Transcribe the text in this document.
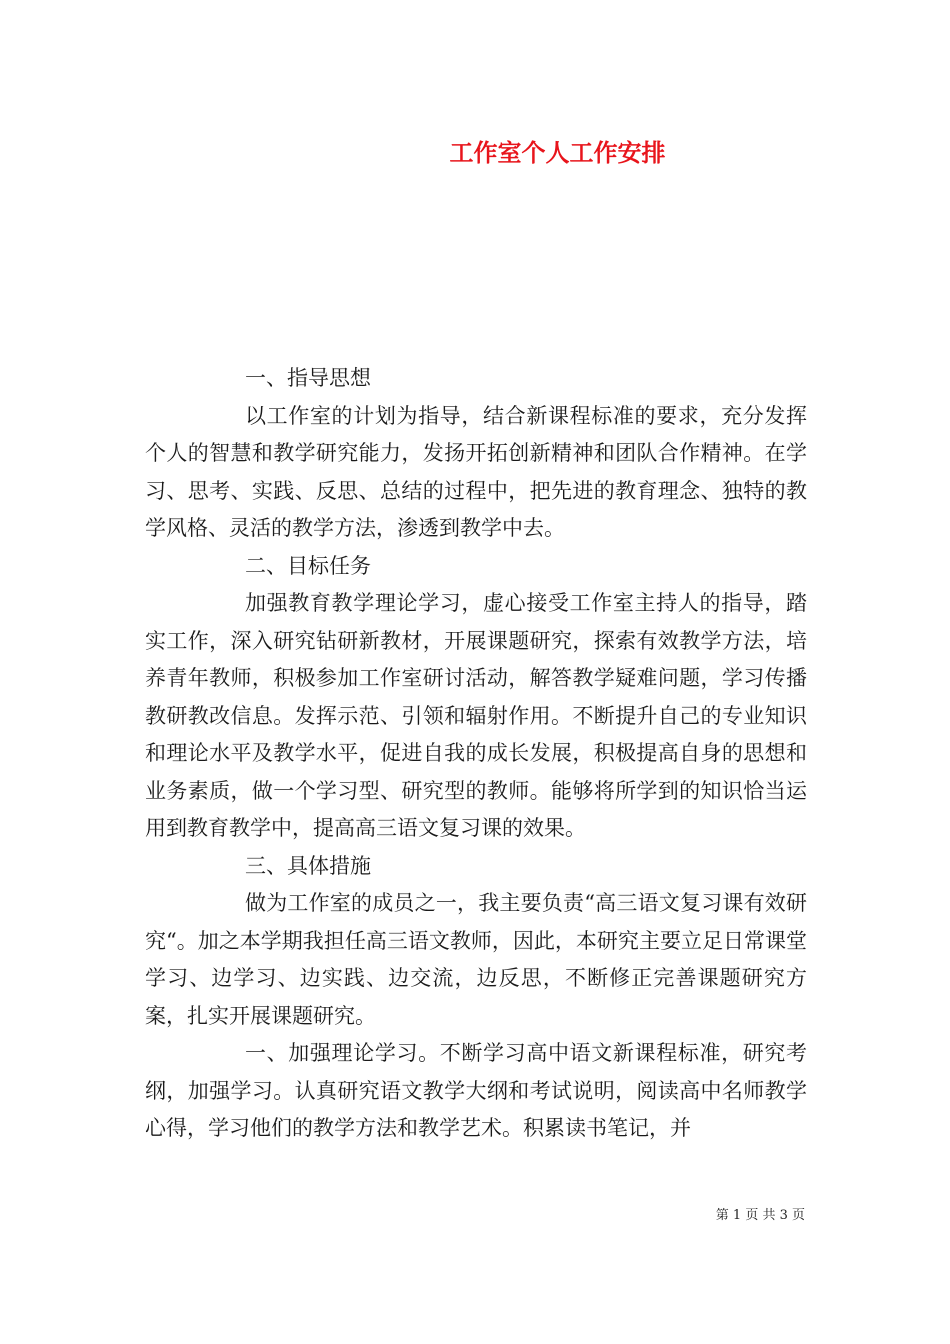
工作室个人工作安排

一、指导思想

以工作室的计划为指导，结合新课程标准的要求，充分发挥个人的智慧和教学研究能力，发扬开拓创新精神和团队合作精神。在学习、思考、实践、反思、总结的过程中，把先进的教育理念、独特的教学风格、灵活的教学方法，渗透到教学中去。

二、目标任务

加强教育教学理论学习，虚心接受工作室主持人的指导，踏实工作，深入研究钻研新教材，开展课题研究，探索有效教学方法，培养青年教师，积极参加工作室研讨活动，解答教学疑难问题，学习传播教研教改信息。发挥示范、引领和辐射作用。不断提升自己的专业知识和理论水平及教学水平，促进自我的成长发展，积极提高自身的思想和业务素质，做一个学习型、研究型的教师。能够将所学到的知识恰当运用到教育教学中，提高高三语文复习课的效果。

三、具体措施

做为工作室的成员之一，我主要负责“高三语文复习课有效研究“。加之本学期我担任高三语文教师，因此，本研究主要立足日常课堂学习、边学习、边实践、边交流，边反思，不断修正完善课题研究方案，扎实开展课题研究。

一、加强理论学习。不断学习高中语文新课程标准，研究考纲，加强学习。认真研究语文教学大纲和考试说明，阅读高中名师教学心得，学习他们的教学方法和教学艺术。积累读书笔记，并

第 1 页 共 3 页
